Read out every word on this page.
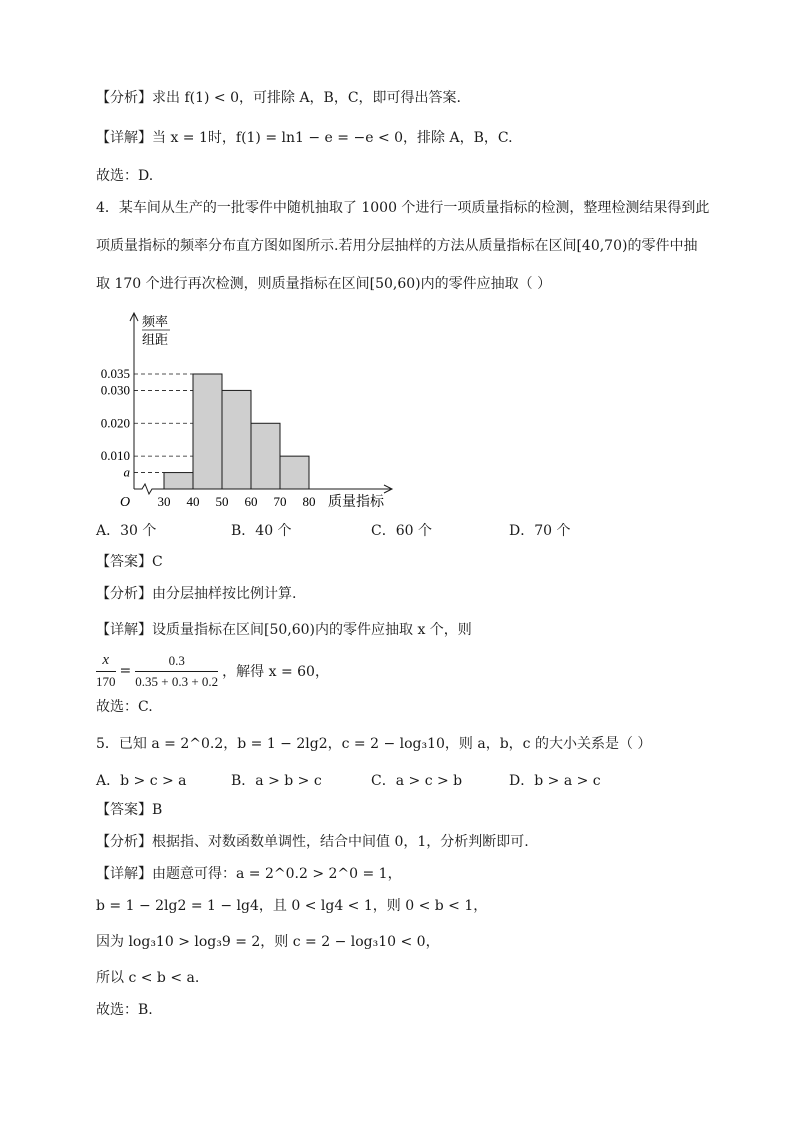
【分析】求出 f(1) < 0，可排除 A，B，C，即可得出答案.
【详解】当 x = 1时，f(1) = ln1 − e = −e < 0，排除 A，B，C.
故选：D.
4．某车间从生产的一批零件中随机抽取了 1000 个进行一项质量指标的检测，整理检测结果得到此
项质量指标的频率分布直方图如图所示.若用分层抽样的方法从质量指标在区间[40,70)的零件中抽
取 170 个进行再次检测，则质量指标在区间[50,60)内的零件应抽取（ ）
a
0.010
0.020
0.030
0.035
30 40 50 60 70 80
O	质量指标
频率
组距
A．30 个	B．40 个	C．60 个	D．70 个
【答案】C
【分析】由分层抽样按比例计算.
【详解】设质量指标在区间[50,60)内的零件应抽取 x 个，则
$\frac{x}{170} = \frac{0.3}{0.35 + 0.3 + 0.2}$ ，解得 x = 60，
故选：C.
5．已知 a = 2^0.2，b = 1 − 2lg2，c = 2 − log₃10，则 a，b，c 的大小关系是（ ）
A．b > c > a	B．a > b > c	C．a > c > b	D．b > a > c
【答案】B
【分析】根据指、对数函数单调性，结合中间值 0，1，分析判断即可.
【详解】由题意可得：a = 2^0.2 > 2^0 = 1，
b = 1 − 2lg2 = 1 − lg4，且 0 < lg4 < 1，则 0 < b < 1，
因为 log₃10 > log₃9 = 2，则 c = 2 − log₃10 < 0，
所以 c < b < a.
故选：B.
